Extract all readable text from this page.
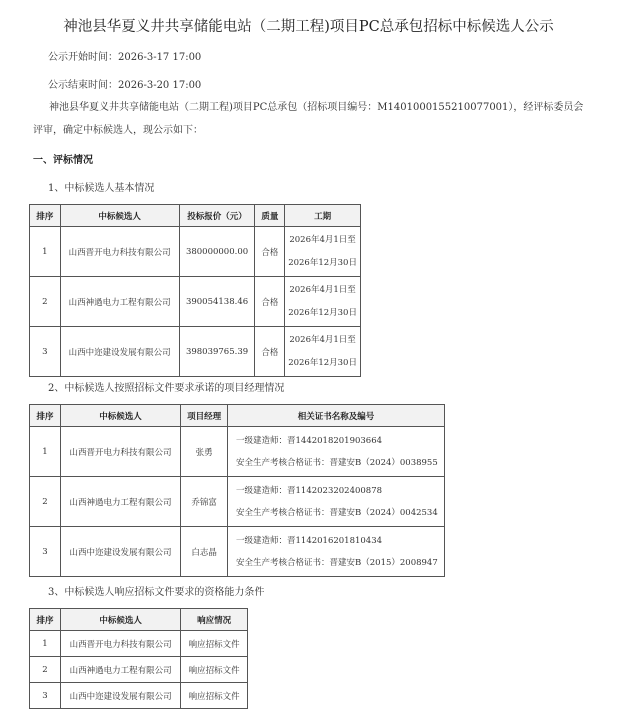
神池县华夏义井共享储能电站（二期工程)项目PC总承包招标中标候选人公示
公示开始时间：2026-3-17 17:00
公示结束时间：2026-3-20 17:00

神池县华夏义井共享储能电站（二期工程)项目PC总承包（招标项目编号：M1401000155210077001），经评标委员会评审，确定中标候选人，现公示如下：

一、评标情况
1、中标候选人基本情况
排序	中标候选人	投标报价（元）	质量	工期
1	山西晋开电力科技有限公司	380000000.00	合格	2026年4月1日至
2026年12月30日

2	山西神過电力工程有限公司	390054138.46	合格	2026年4月1日至
2026年12月30日

3	山西中迩建设发展有限公司	398039765.39	合格	2026年4月1日至
2026年12月30日
2、中标候选人按照招标文件要求承诺的项目经理情况
排序	中标候选人	项目经理	相关证书名称及编号
1	山西晋开电力科技有限公司	张勇	一级建造师：晋1442018201903664
安全生产考核合格证书：晋建安B（2024）0038955

2	山西神過电力工程有限公司	乔锦富	一级建造师：晋1142023202400878
安全生产考核合格证书：晋建安B（2024）0042534

3	山西中迩建设发展有限公司	白志晶	一级建造师：晋1142016201810434
安全生产考核合格证书：晋建安B（2015）2008947
3、中标候选人响应招标文件要求的资格能力条件
排序	中标候选人	响应情况
1	山西晋开电力科技有限公司	响应招标文件
2	山西神過电力工程有限公司	响应招标文件
3	山西中迩建设发展有限公司	响应招标文件
